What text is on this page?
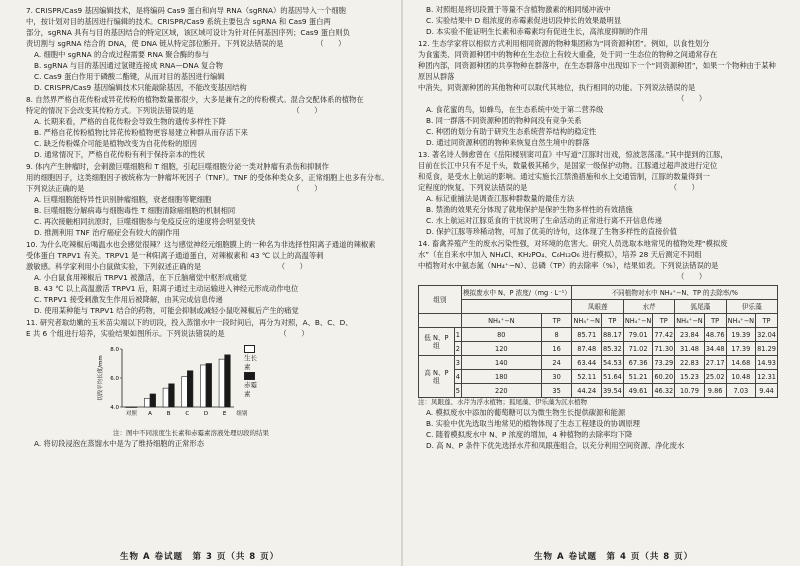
7. CRISPR/Cas9 基因编辑技术，是将编码 Cas9 蛋白和向导 RNA（sgRNA）的基因导入一个细胞

中，按计划对目的基因进行编辑的技术。CRISPR/Cas9 系统主要包含 sgRNA 和 Cas9 蛋白两

部分，sgRNA 具有与目的基因结合的特定区域，该区域可设计为针对任何基因序列；Cas9 蛋白则负

责切割与 sgRNA 结合的 DNA，使 DNA 链从特定部位断开。下列说法错误的是　　　　　（　　）

A. 细胞中 sgRNA 的合成过程需要 RNA 聚合酶的参与

B. sgRNA 与目的基因通过氢键连接成 RNA—DNA 复合物

C. Cas9 蛋白作用于磷酸二酯键，从而对目的基因进行编辑

D. CRISPR/Cas9 基因编辑技术只能敲除基因，不能改变基因结构

8. 自然界严格自花传粉或异花传粉的植物数量都很少，大多是兼有之的传粉模式。混合交配体系的植物在

特定的情况下会改变其传粉方式。下列说法错误的是　　　　　　　　　　　　　　（　　）

A. 长期来看，严格的自花传粉会导致生物的遗传多样性下降

B. 严格自花传粉植物比异花传粉植物更容易建立种群从而存活下来

C. 缺乏传粉媒介可能是植物改变为自花传粉的原因

D. 通常情况下，严格自花传粉有利于保持亲本的性状

9. 体内产生肿瘤时，会刺激巨噬细胞和 T 细胞，引起巨噬细胞分泌一类对肿瘤有杀伤和抑制作

用的细胞因子，这类细胞因子被统称为一肿瘤坏死因子（TNF）。TNF 的受体种类众多，正常细胞上也多有分布。

下列说法正确的是　　　　　　　　　　　　　　　　　　　　　　　　　　　　　（　　）

A. 巨噬细胞能特异性识别肿瘤细胞，衰老细胞等靶细胞

B. 巨噬细胞分解病毒与细胞毒性 T 细胞清除癌细胞的机制相同

C. 再次接触相同抗原时，巨噬细胞参与免疫反应的速度将会明显变快

D. 推测利用 TNF 治疗癌症会有较大的副作用

10. 为什么吃辣椒后喝温水也会感觉很辣？这与感觉神经元细胞膜上的一种名为非选择性阳离子通道的辣椒素

受体蛋白 TRPV1 有关。TRPV1 是一种阳离子通道蛋白，对辣椒素和 43 ℃ 以上的高温等刺

激敏感。科学家利用小白鼠做实验，下列叙述正确的是　　　　　　　　　　　（　　）

A. 小白鼠食用辣椒后 TRPV1 被激活，在下丘脑痛觉中枢形成痛觉

B. 43 ℃ 以上高温激活 TRPV1 后，阳离子通过主动运输进入神经元形成动作电位

C. TRPV1 接受刺激发生作用后被降解，由其完成信息传递

D. 使用某种能与 TRPV1 结合的药物，可能会抑制或减轻小鼠吃辣椒后产生的痛觉

11. 研究者取幼嫩的玉米苗尖端以下的切段，投入蒸馏水中一段时间后，再分为对照，A、B、C、D、

E 共 6 个组进行培养，实验结果如图所示。下列说法错误的是　　　　　　　　（　　）

4.0
6.0
8.0
切段平均长度/mm
对照 A	B	C	D	E 组别
生长素
赤霉素

注：图中不同浓度生长素和赤霉素溶液处理切段的结果

A. 将切段浸泡在蒸馏水中是为了维持细胞的正常形态

生物 A 卷试题　第 3 页（共 8 页）

B. 对照组是将切段置于等量不含植物激素的相同缓冲液中

C. 实验结果中 D 组浓度的赤霉素促进切段伸长的效果最明显

D. 本实验不能证明生长素和赤霉素均有促进生长，高浓度抑制的作用

12. 生态学家将以相似方式利用相同资源的物种集团称为“同资源种团”。例如，以食性划分

为食蜜类、同资源种团中的物种在生态位上有较大重叠，处于同一生态位的物种之间通常存在

种团内部，同资源种团的共享物种在群落中，在生态群落中出现如下一个“同资源种团”，如果一个物种由于某种原因从群落

中消失，同资源种团的其他物种可以取代其地位，执行相同的功能。下列说法错误的是

　　　　　　　　　　　　　　　　　　　　　　　　　　　　　　　　　　　　（　　）

A. 食花蜜的鸟，如蜂鸟，在生态系统中处于第二营养级

B. 同一群落不同资源种团的物种间没有竞争关系

C. 种团的划分有助于研究生态系统营养结构的稳定性

D. 通过同资源种团的物种来恢复自然生境中的群落

13. 著名诗人韩愈曾在《岳阳楼别窦司直》中写道“江豚时出戏，惊波忽荡漾。”其中提到的江豚，

目前在长江中只有不足千头，数量极其稀少，是国家一级保护动物。江豚通过超声波进行定位

和觅食，是受水上航运的影响。通过实施长江禁渔措施和水上交通管制，江豚的数量得到一

定程度的恢复。下列说法错误的是　　　　　　　　　　　　　　　　　　　　（　　）

A. 标记重捕法是调查江豚种群数量的最佳方法

B. 禁渔的效果充分体现了就地保护是保护生物多样性的有效措施

C. 水上航运对江豚觅食的干扰说明了生命活动的正常进行离不开信息传递

D. 保护江豚等珍稀动物，可加了优美的诗句，这体现了生物多样性的直接价值

14. 畜禽养殖产生的废水污染性强，对环境的危害大。研究人员选取本地常见的植物处理“模拟废

水”（在自来水中加入 NH₄Cl、KH₂PO₄、C₆H₁₂O₆ 进行模拟），培养 28 天后测定不同组

中植物对水中氨态氮（NH₄⁺−N）、总磷（TP）的去除率（%），结果如表。下列说法错误的是

　　　　　　　　　　　　　　　　　　　　　　　　　　　　　　　　　　　　（　　）

组别		模拟废水中 N、P 浓度/（mg · L⁻¹）		不同植物对水中 NH₄⁺−N、TP 的去除率/%							
				凤眼莲		水芹		狐尾藻		伊乐藻	
		NH₄⁺−N	TP	NH₄⁺−N	TP	NH₄⁺−N	TP	NH₄⁺−N	TP	NH₄⁺−N	TP
低 N、P 组	1	80	8	85.71	88.17	79.01	77.42	23.84	48.76	19.39	32.04
	2	120	16	87.48	85.32	71.02	71.30	31.48	34.48	17.39	81.29
高 N、P 组	3	140	24	63.44	54.53	67.36	73.29	22.83	27.17	14.68	14.93
	4	180	30	52.11	51.64	51.21	60.20	15.23	25.02	10.48	12.31
	5	220	35	44.24	39.54	49.61	46.32	10.79	9.86	7.03	9.44

注：凤眼莲、水芹为浮水植物；狐尾藻、伊乐藻为沉水植物

A. 模拟废水中添加的葡萄糖可以为微生物生长提供碳源和能源

B. 实验中优先选取当地常见的植物体现了生态工程建设的协调原理

C. 随着模拟废水中 N、P 浓度的增加，4 种植物的去除率均下降

D. 高 N、P 条件下优先选择水芹和凤眼莲组合，以充分利用空间资源、净化废水

生物 A 卷试题　第 4 页（共 8 页）
